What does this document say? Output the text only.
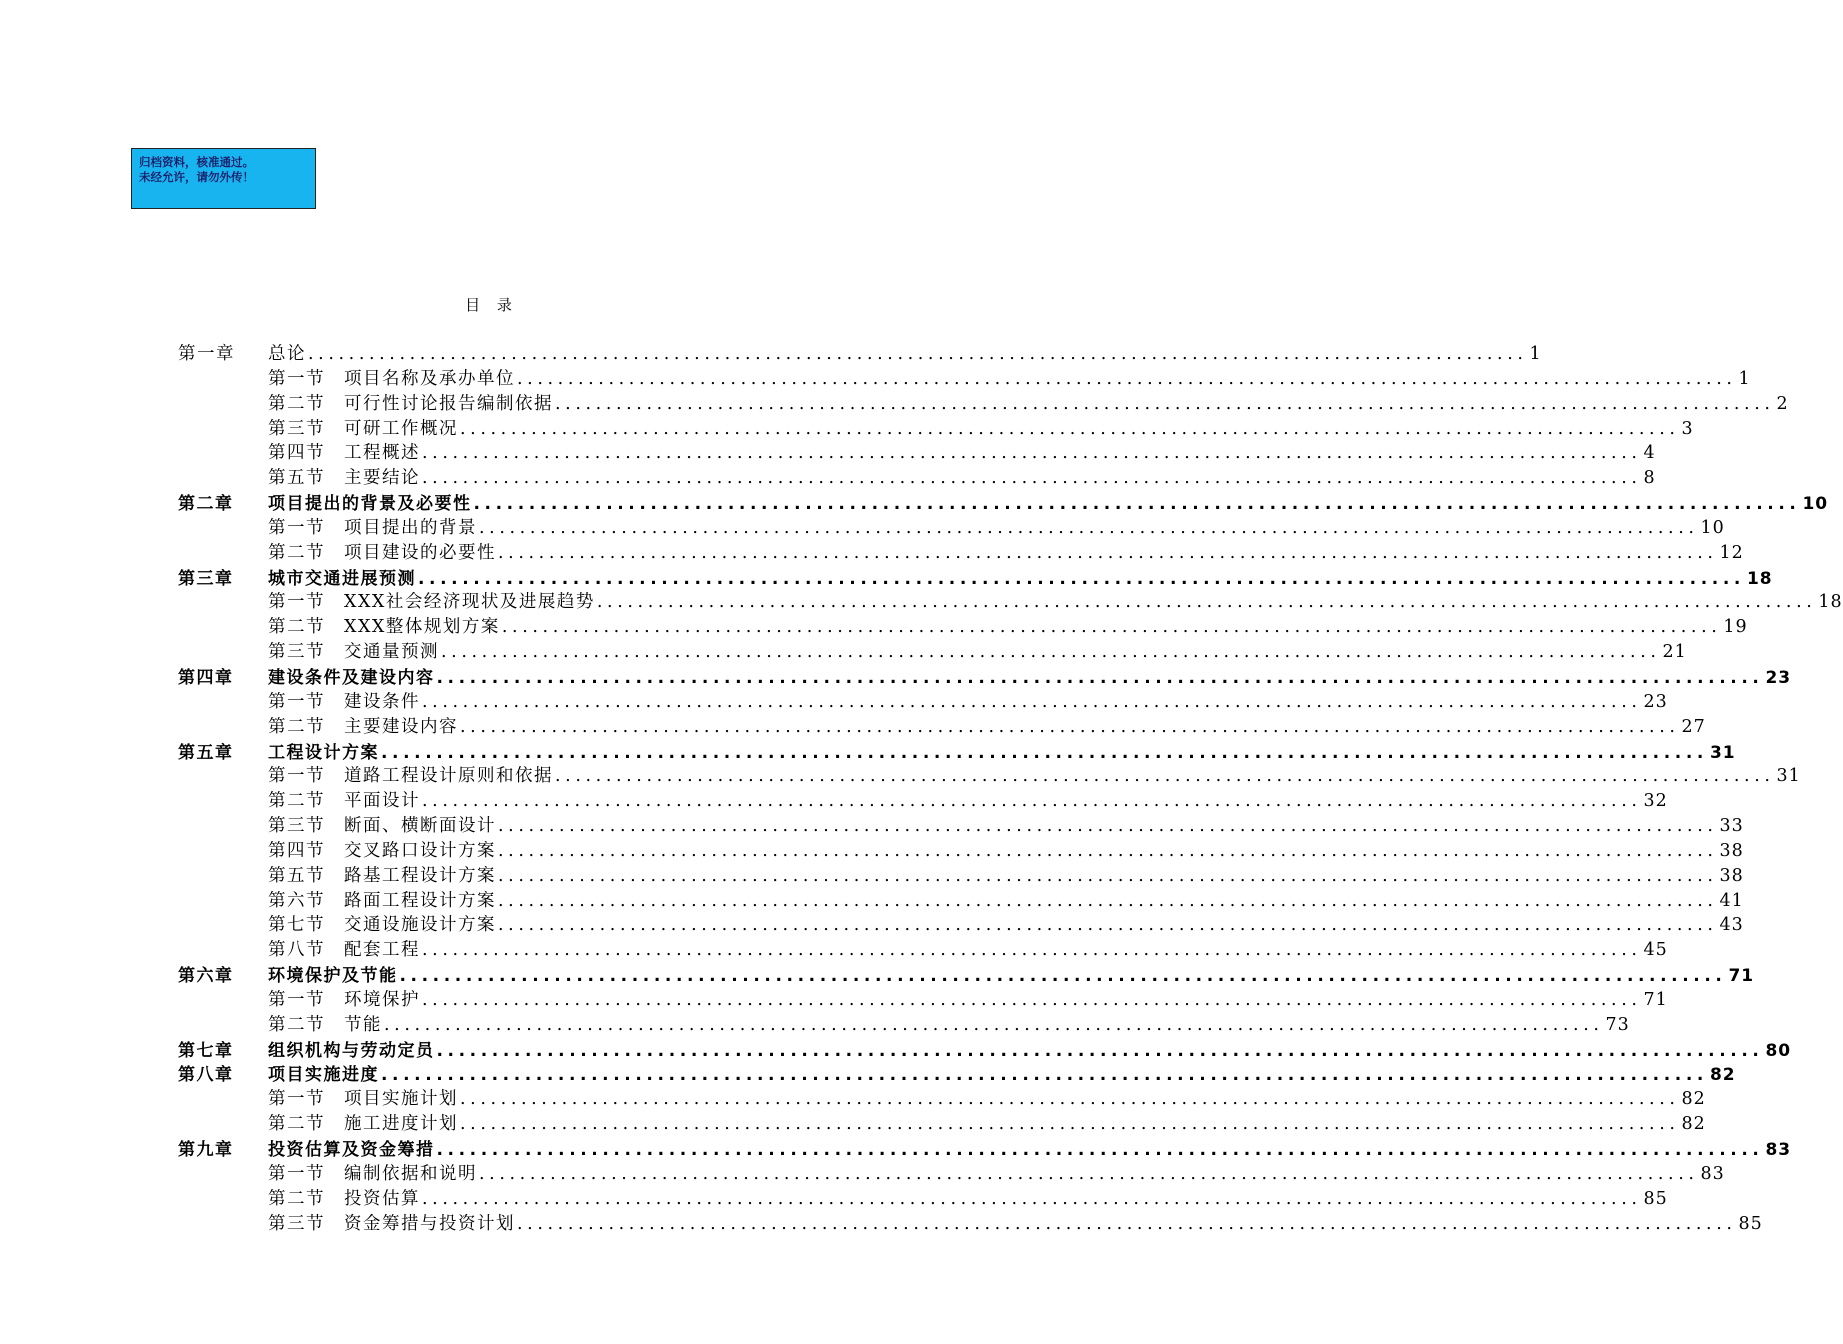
归档资料，核准通过。
未经允许，请勿外传！
目 录
第一章	总论 ........................................................................................................................ 1
第一节	项目名称及承办单位 ........................................................................................................................ 1
第二节	可行性讨论报告编制依据 ........................................................................................................................ 2
第三节	可研工作概况 ........................................................................................................................ 3
第四节	工程概述 ........................................................................................................................ 4
第五节	主要结论 ........................................................................................................................ 8
第二章	项目提出的背景及必要性 ........................................................................................................................ 10
第一节	项目提出的背景 ........................................................................................................................ 10
第二节	项目建设的必要性 ........................................................................................................................ 12
第三章	城市交通进展预测 ........................................................................................................................ 18
第一节	XXX社会经济现状及进展趋势 ........................................................................................................................ 18
第二节	XXX整体规划方案 ........................................................................................................................ 19
第三节	交通量预测 ........................................................................................................................ 21
第四章	建设条件及建设内容 ........................................................................................................................ 23
第一节	建设条件 ........................................................................................................................ 23
第二节	主要建设内容 ........................................................................................................................ 27
第五章	工程设计方案 ........................................................................................................................ 31
第一节	道路工程设计原则和依据 ........................................................................................................................ 31
第二节	平面设计 ........................................................................................................................ 32
第三节	断面、横断面设计 ........................................................................................................................ 33
第四节	交叉路口设计方案 ........................................................................................................................ 38
第五节	路基工程设计方案 ........................................................................................................................ 38
第六节	路面工程设计方案 ........................................................................................................................ 41
第七节	交通设施设计方案 ........................................................................................................................ 43
第八节	配套工程 ........................................................................................................................ 45
第六章	环境保护及节能 ........................................................................................................................ 71
第一节	环境保护 ........................................................................................................................ 71
第二节	节能 ........................................................................................................................ 73
第七章	组织机构与劳动定员 ........................................................................................................................ 80
第八章	项目实施进度 ........................................................................................................................ 82
第一节	项目实施计划 ........................................................................................................................ 82
第二节	施工进度计划 ........................................................................................................................ 82
第九章	投资估算及资金筹措 ........................................................................................................................ 83
第一节	编制依据和说明 ........................................................................................................................ 83
第二节	投资估算 ........................................................................................................................ 85
第三节	资金筹措与投资计划 ........................................................................................................................ 85
